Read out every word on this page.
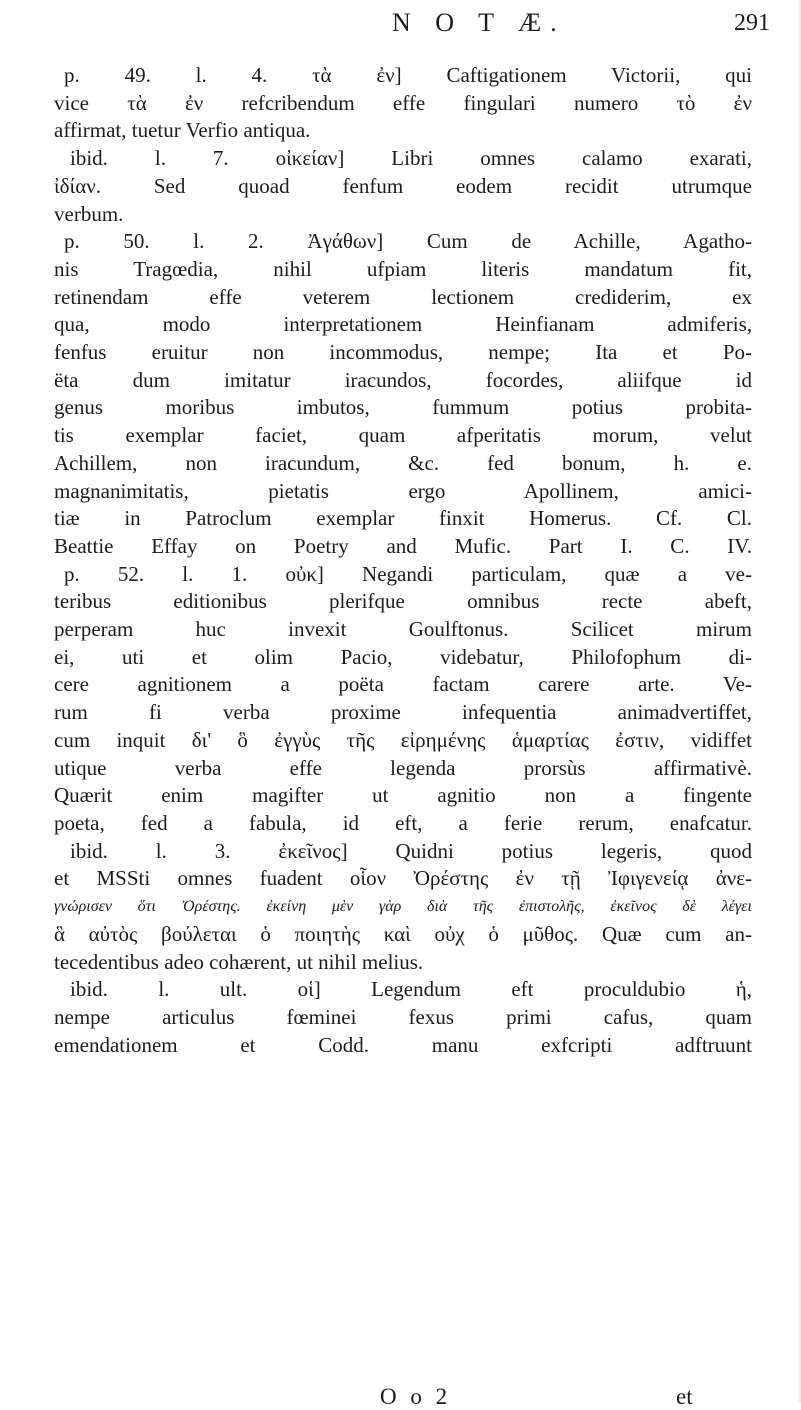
N O T Æ.	291
p. 49. l. 4. τὰ ἐν] Caftigationem Victorii, qui
vice τὰ ἐν refcribendum effe fingulari numero τὸ ἐν
affirmat, tuetur Verfio antiqua.
ibid. l. 7. οἰκείαν] Libri omnes calamo exarati,
ἰδίαν. Sed quoad fenfum eodem recidit utrumque
verbum.
p. 50. l. 2. Ἀγάθων] Cum de Achille, Agatho-
nis Tragœdia, nihil ufpiam literis mandatum fit,
retinendam effe veterem lectionem crediderim, ex
qua, modo interpretationem Heinfianam admiferis,
fenfus eruitur non incommodus, nempe; Ita et Po-
ëta dum imitatur iracundos, focordes, aliifque id
genus moribus imbutos, fummum potius probita-
tis exemplar faciet, quam afperitatis morum, velut
Achillem, non iracundum, &c. fed bonum, h. e.
magnanimitatis, pietatis ergo Apollinem, amici-
tiæ in Patroclum exemplar finxit Homerus. Cf. Cl.
Beattie Effay on Poetry and Mufic. Part I. C. IV.
p. 52. l. 1. οὐκ] Negandi particulam, quæ a ve-
teribus editionibus plerifque omnibus recte abeft,
perperam huc invexit Goulftonus. Scilicet mirum
ei, uti et olim Pacio, videbatur, Philofophum di-
cere agnitionem a poëta factam carere arte. Ve-
rum fi verba proxime infequentia animadvertiffet,
cum inquit δι' ὃ ἐγγὺς τῆς εἰρημένης ἁμαρτίας ἐστιν, vidiffet
utique verba effe legenda prorsùs affirmativè.
Quærit enim magifter ut agnitio non a fingente
poeta, fed a fabula, id eft, a ferie rerum, enafcatur.
ibid. l. 3. ἐκεῖνος] Quidni potius legeris, quod
et MSSti omnes fuadent οἷον Ὀρέστης ἐν τῇ Ἰφιγενείᾳ ἀνε-
γνώρισεν ὅτι Ὀρέστης. ἐκείνη μὲν γὰρ διὰ τῆς ἐπιστολῆς, ἐκεῖνος δὲ λέγει
ἃ αὐτὸς βούλεται ὁ ποιητὴς καὶ οὐχ ὁ μῦθος. Quæ cum an-
tecedentibus adeo cohærent, ut nihil melius.
ibid. l. ult. οἱ] Legendum eft proculdubio ἡ,
nempe articulus fœminei fexus primi cafus, quam
emendationem et Codd. manu exfcripti adftruunt
O o 2	et
